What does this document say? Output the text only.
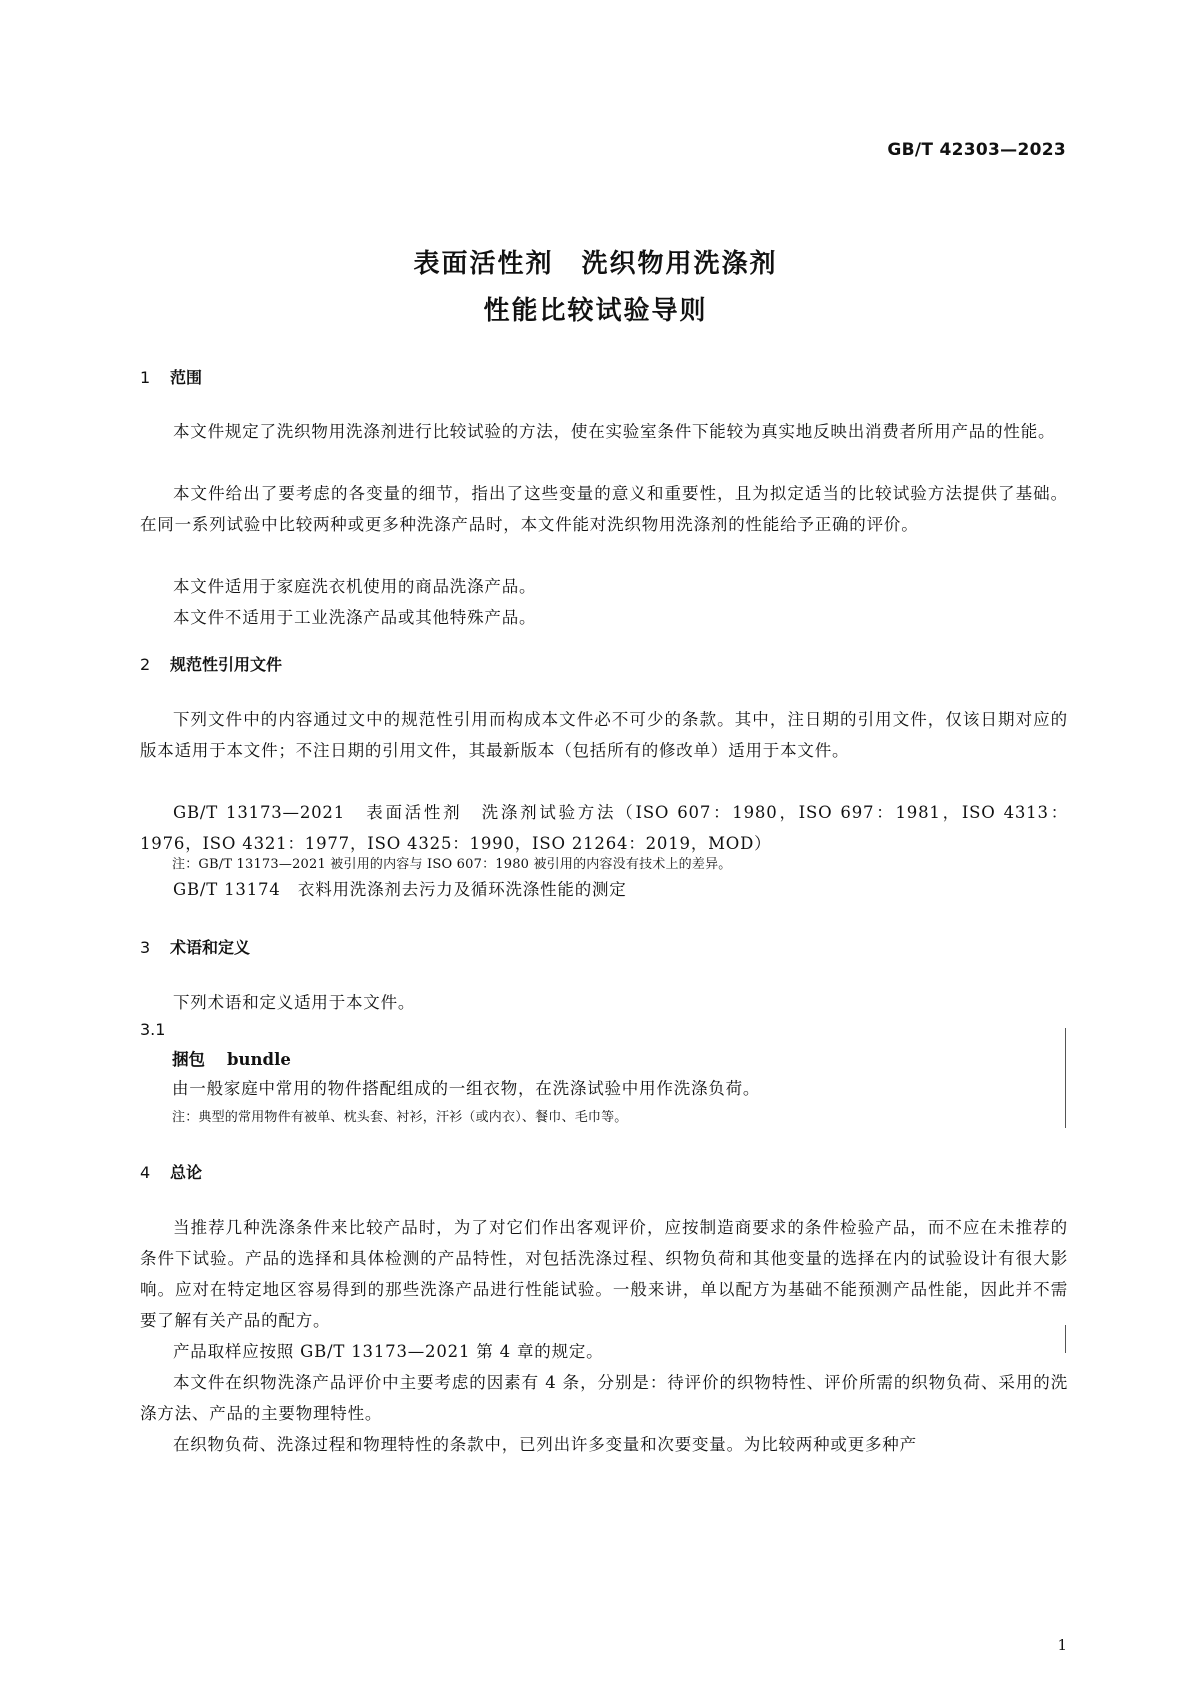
GB/T 42303—2023
表面活性剂　洗织物用洗涤剂
性能比较试验导则
1 范围
本文件规定了洗织物用洗涤剂进行比较试验的方法，使在实验室条件下能较为真实地反映出消费者所用产品的性能。
本文件给出了要考虑的各变量的细节，指出了这些变量的意义和重要性，且为拟定适当的比较试验方法提供了基础。在同一系列试验中比较两种或更多种洗涤产品时，本文件能对洗织物用洗涤剂的性能给予正确的评价。
本文件适用于家庭洗衣机使用的商品洗涤产品。
本文件不适用于工业洗涤产品或其他特殊产品。
2 规范性引用文件
下列文件中的内容通过文中的规范性引用而构成本文件必不可少的条款。其中，注日期的引用文件，仅该日期对应的版本适用于本文件；不注日期的引用文件，其最新版本（包括所有的修改单）适用于本文件。
GB/T 13173—2021　表面活性剂　洗涤剂试验方法（ISO 607：1980，ISO 697：1981，ISO 4313：1976，ISO 4321：1977，ISO 4325：1990，ISO 21264：2019，MOD）
注：GB/T 13173—2021 被引用的内容与 ISO 607：1980 被引用的内容没有技术上的差异。
GB/T 13174　衣料用洗涤剂去污力及循环洗涤性能的测定
3 术语和定义
下列术语和定义适用于本文件。
3.1
捆包 bundle
由一般家庭中常用的物件搭配组成的一组衣物，在洗涤试验中用作洗涤负荷。
注：典型的常用物件有被单、枕头套、衬衫，汗衫（或内衣）、餐巾、毛巾等。
4 总论
当推荐几种洗涤条件来比较产品时，为了对它们作出客观评价，应按制造商要求的条件检验产品，而不应在未推荐的条件下试验。产品的选择和具体检测的产品特性，对包括洗涤过程、织物负荷和其他变量的选择在内的试验设计有很大影响。应对在特定地区容易得到的那些洗涤产品进行性能试验。一般来讲，单以配方为基础不能预测产品性能，因此并不需要了解有关产品的配方。
产品取样应按照 GB/T 13173—2021 第 4 章的规定。
本文件在织物洗涤产品评价中主要考虑的因素有 4 条，分别是：待评价的织物特性、评价所需的织物负荷、采用的洗涤方法、产品的主要物理特性。
在织物负荷、洗涤过程和物理特性的条款中，已列出许多变量和次要变量。为比较两种或更多种产
1
